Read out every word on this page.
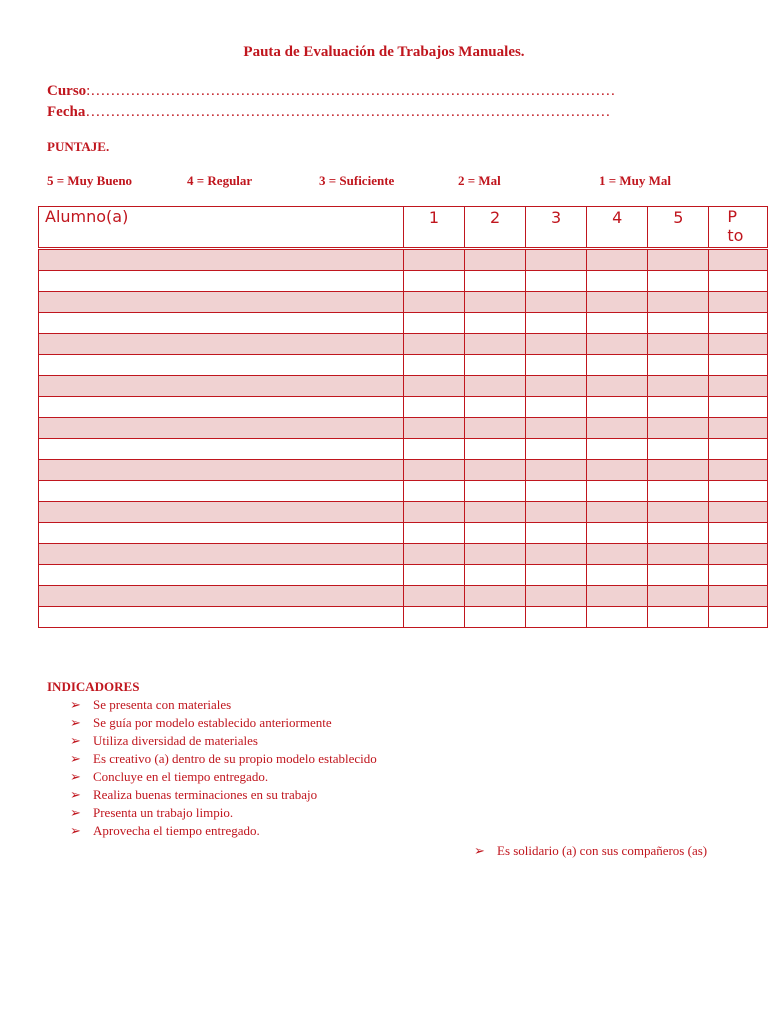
Pauta de Evaluación de Trabajos Manuales.
Curso:……………………………………………………………………………………………
Fecha……………………………………………………………………………………………
PUNTAJE.
5 = Muy Bueno	4 = Regular	3 = Suficiente	2 = Mal	1 = Muy Mal
Alumno(a)	1	2	3	4	5	P
to

INDICADORES
➢ Se presenta con materiales
➢ Se guía por modelo establecido anteriormente
➢ Utiliza diversidad de materiales
➢ Es creativo (a) dentro de su propio modelo establecido
➢ Concluye en el tiempo entregado.
➢ Realiza buenas terminaciones en su trabajo
➢ Presenta un trabajo limpio.
➢ Aprovecha el tiempo entregado.
➢ Es solidario (a) con sus compañeros (as)
